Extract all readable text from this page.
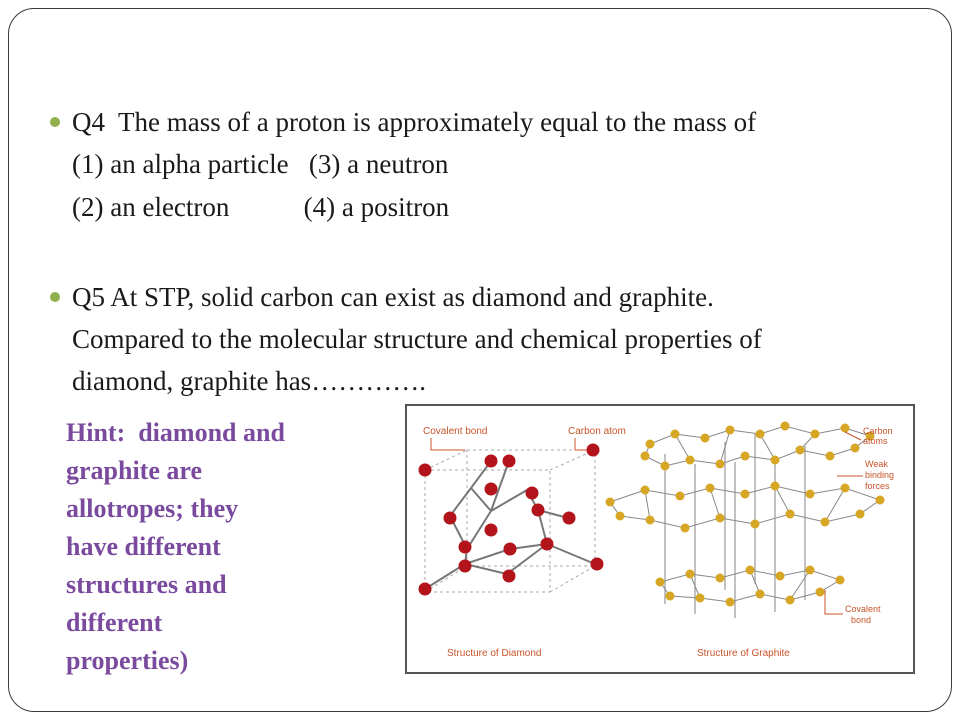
Q4  The mass of a proton is approximately equal to the mass of
(1) an alpha particle   (3) a neutron
(2) an electron           (4) a positron
Q5 At STP, solid carbon can exist as diamond and graphite.
Compared to the molecular structure and chemical properties of
diamond, graphite has………….
Hint:  diamond and
graphite are
allotropes; they
have different
structures and
different
properties)
Covalent bond	Carbon atom	Carbon
atoms
Weak
binding
forces
Covalent
bond
Structure of Diamond	Structure of Graphite
